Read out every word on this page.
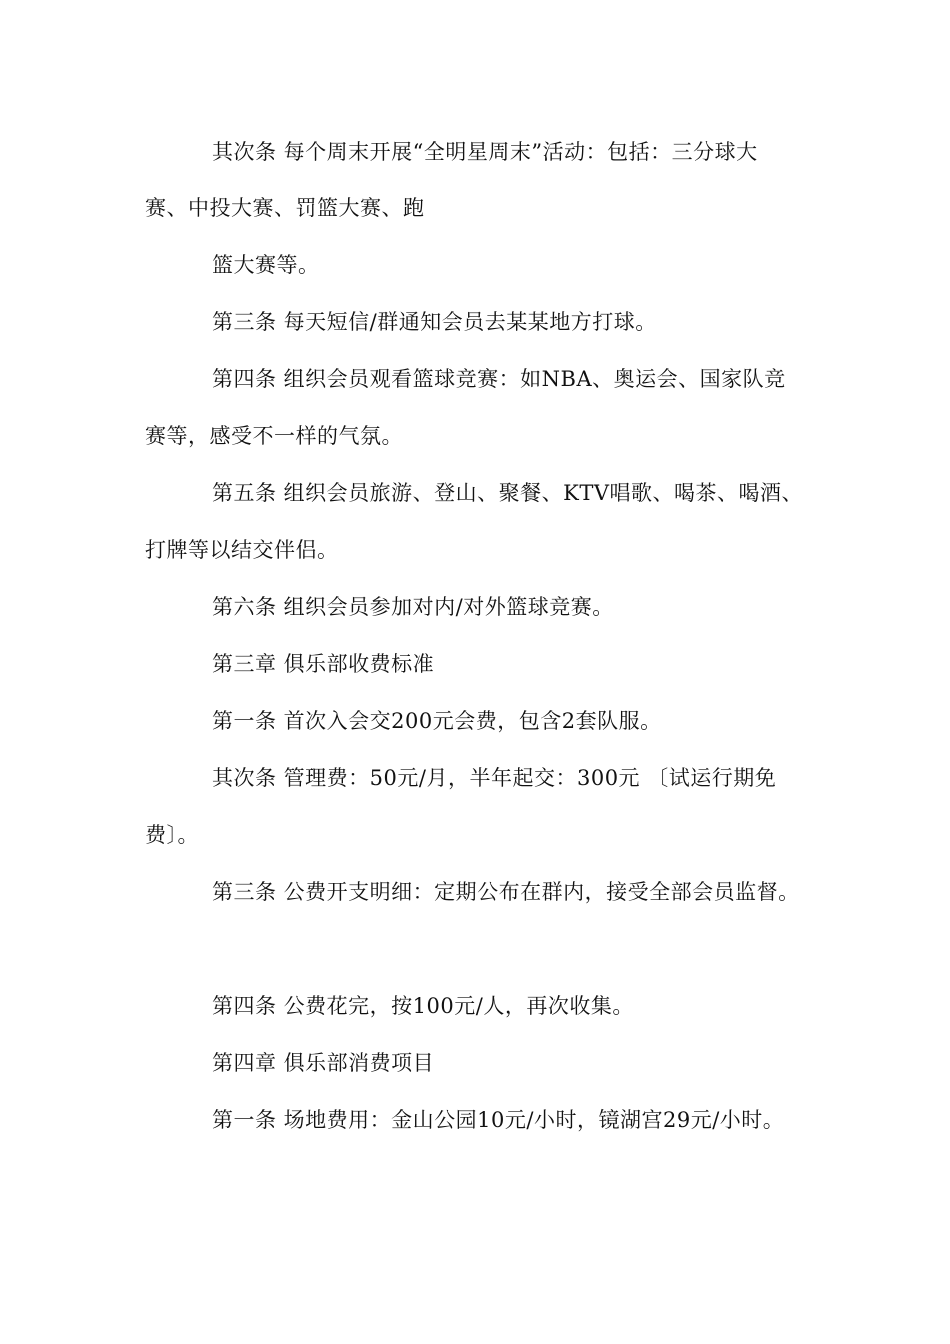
其次条 每个周末开展“全明星周末”活动：包括：三分球大
赛、中投大赛、罚篮大赛、跑
篮大赛等。
第三条 每天短信/群通知会员去某某地方打球。
第四条 组织会员观看篮球竞赛：如NBA、奥运会、国家队竞
赛等，感受不一样的气氛。
第五条 组织会员旅游、登山、聚餐、KTV唱歌、喝茶、喝酒、
打牌等以结交伴侣。
第六条 组织会员参加对内/对外篮球竞赛。
第三章 俱乐部收费标准
第一条 首次入会交200元会费，包含2套队服。
其次条 管理费：50元/月，半年起交：300元 〔试运行期免
费〕。
第三条 公费开支明细：定期公布在群内，接受全部会员监督。
第四条 公费花完，按100元/人，再次收集。
第四章 俱乐部消费项目
第一条 场地费用：金山公园10元/小时，镜湖宫29元/小时。
